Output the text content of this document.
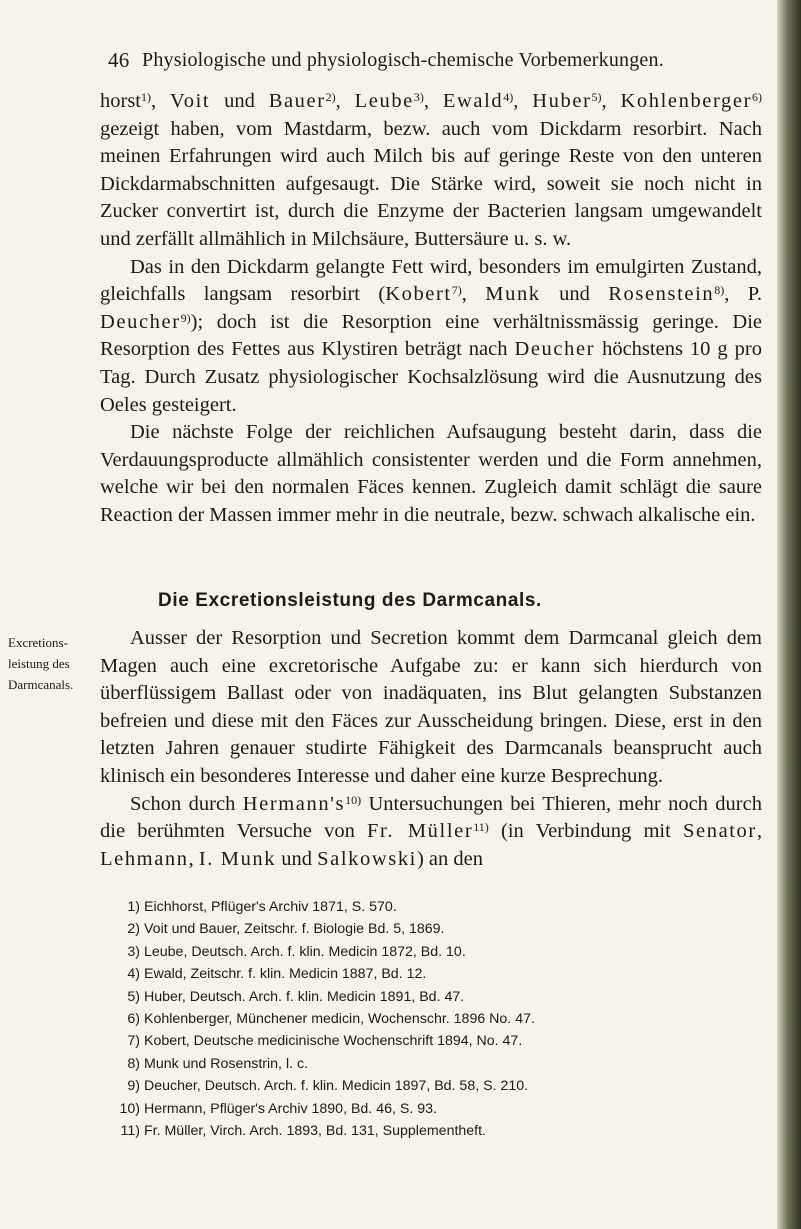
46 Physiologische und physiologisch-chemische Vorbemerkungen.

horst$^{1)}$, Voit und Bauer$^{2)}$, Leube$^{3)}$, Ewald$^{4)}$, Huber$^{5)}$, Kohlenberger$^{6)}$ gezeigt haben, vom Mastdarm, bezw. auch vom Dickdarm resorbirt. Nach meinen Erfahrungen wird auch Milch bis auf geringe Reste von den unteren Dickdarmabschnitten aufgesaugt. Die Stärke wird, soweit sie noch nicht in Zucker convertirt ist, durch die Enzyme der Bacterien langsam umgewandelt und zerfällt allmählich in Milchsäure, Buttersäure u. s. w.

Das in den Dickdarm gelangte Fett wird, besonders im emulgirten Zustand, gleichfalls langsam resorbirt (Kobert$^{7)}$, Munk und Rosenstein$^{8)}$, P. Deucher$^{9)}$); doch ist die Resorption eine verhältnissmässig geringe. Die Resorption des Fettes aus Klystiren beträgt nach Deucher höchstens 10 g pro Tag. Durch Zusatz physiologischer Kochsalzlösung wird die Ausnutzung des Oeles gesteigert.

Die nächste Folge der reichlichen Aufsaugung besteht darin, dass die Verdauungsproducte allmählich consistenter werden und die Form annehmen, welche wir bei den normalen Fäces kennen. Zugleich damit schlägt die saure Reaction der Massen immer mehr in die neutrale, bezw. schwach alkalische ein.

Die Excretionsleistung des Darmcanals.
Excretions-
leistung des
Darmcanals.

Ausser der Resorption und Secretion kommt dem Darmcanal gleich dem Magen auch eine excretorische Aufgabe zu: er kann sich hierdurch von überflüssigem Ballast oder von inadäquaten, ins Blut gelangten Substanzen befreien und diese mit den Fäces zur Ausscheidung bringen. Diese, erst in den letzten Jahren genauer studirte Fähigkeit des Darmcanals beansprucht auch klinisch ein besonderes Interesse und daher eine kurze Besprechung.

Schon durch $Hermann's^{10)}$ Untersuchungen bei Thieren, mehr noch durch die berühmten Versuche von Fr. Müller$^{11)}$ (in Verbindung mit Senator, Lehmann, I. Munk und Salkowski) an den

1) Eichhorst, Pflüger's Archiv 1871, S. 570.
2) Voit und Bauer, Zeitschr. f. Biologie Bd. 5, 1869.
3) Leube, Deutsch. Arch. f. klin. Medicin 1872, Bd. 10.
4) Ewald, Zeitschr. f. klin. Medicin 1887, Bd. 12.
5) Huber, Deutsch. Arch. f. klin. Medicin 1891, Bd. 47.
6) Kohlenberger, Münchener medicin, Wochenschr. 1896 No. 47.
7) Kobert, Deutsche medicinische Wochenschrift 1894, No. 47.
8) Munk und Rosenstrin, l. c.
9) Deucher, Deutsch. Arch. f. klin. Medicin 1897, Bd. 58, S. 210.
10) Hermann, Pflüger's Archiv 1890, Bd. 46, S. 93.
11) Fr. Müller, Virch. Arch. 1893, Bd. 131, Supplementheft.
